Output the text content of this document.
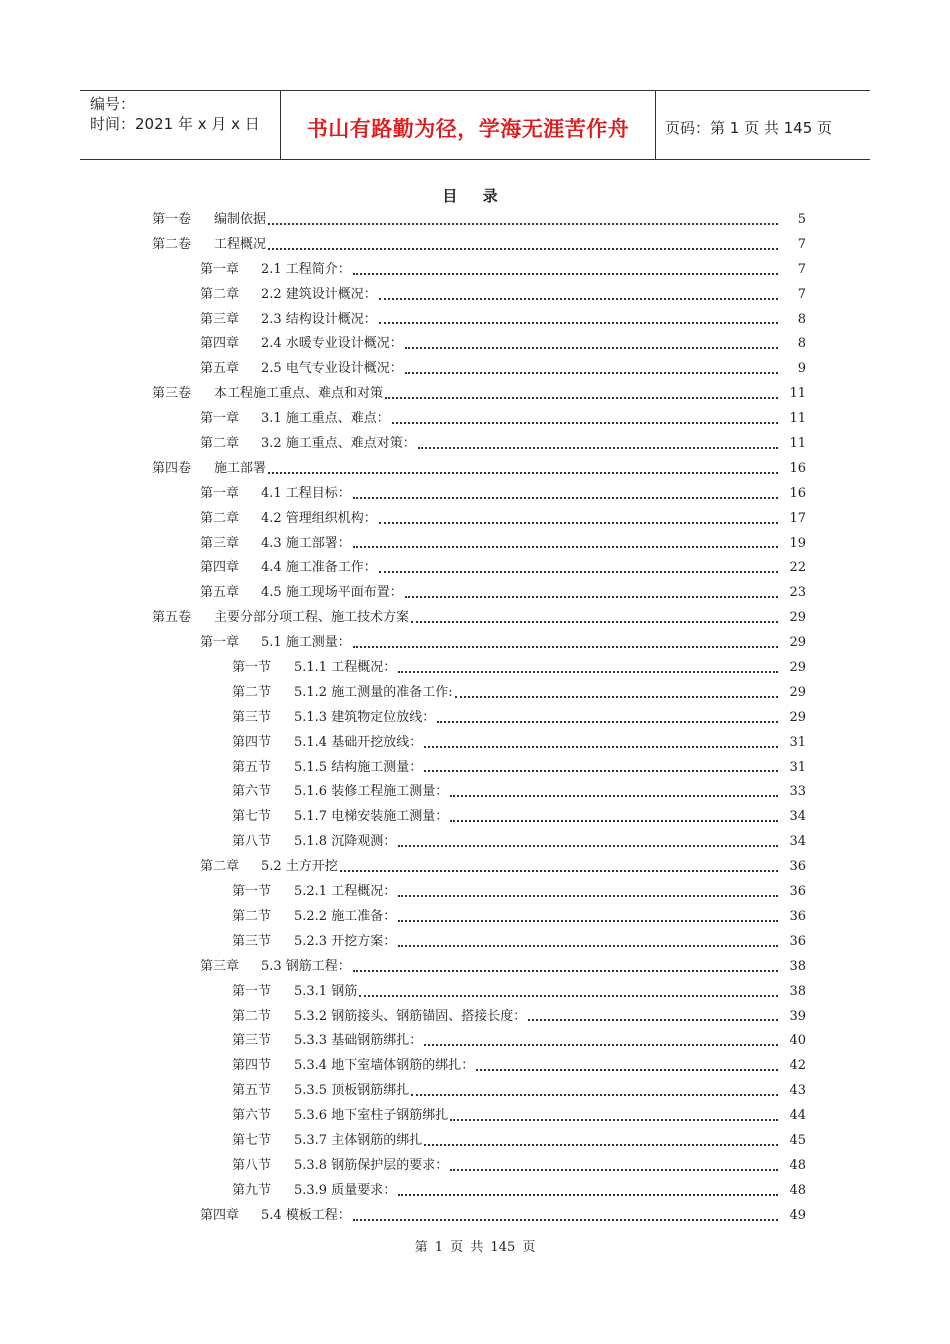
编号：
时间：2021 年 x 月 x 日	书山有路勤为径，学海无涯苦作舟	页码：第 1 页 共 145 页
目 录
第一卷 编制依据	5
第二卷 工程概况	7
第一章 2.1 工程简介：	7
第二章 2.2 建筑设计概况：	7
第三章 2.3 结构设计概况：	8
第四章 2.4 水暖专业设计概况：	8
第五章 2.5 电气专业设计概况：	9
第三卷 本工程施工重点、难点和对策	11
第一章 3.1 施工重点、难点：	11
第二章 3.2 施工重点、难点对策：	11
第四卷 施工部署	16
第一章 4.1 工程目标：	16
第二章 4.2 管理组织机构：	17
第三章 4.3 施工部署：	19
第四章 4.4 施工准备工作：	22
第五章 4.5 施工现场平面布置：	23
第五卷 主要分部分项工程、施工技术方案	29
第一章 5.1 施工测量：	29
第一节 5.1.1 工程概况：	29
第二节 5.1.2 施工测量的准备工作:	29
第三节 5.1.3 建筑物定位放线：	29
第四节 5.1.4 基础开挖放线：	31
第五节 5.1.5 结构施工测量：	31
第六节 5.1.6 装修工程施工测量：	33
第七节 5.1.7 电梯安装施工测量：	34
第八节 5.1.8 沉降观测：	34
第二章 5.2 土方开挖	36
第一节 5.2.1 工程概况：	36
第二节 5.2.2 施工准备：	36
第三节 5.2.3 开挖方案：	36
第三章 5.3 钢筋工程：	38
第一节 5.3.1 钢筋	38
第二节 5.3.2 钢筋接头、钢筋锚固、搭接长度：	39
第三节 5.3.3 基础钢筋绑扎：	40
第四节 5.3.4 地下室墙体钢筋的绑扎：	42
第五节 5.3.5 顶板钢筋绑扎	43
第六节 5.3.6 地下室柱子钢筋绑扎	44
第七节 5.3.7 主体钢筋的绑扎	45
第八节 5.3.8 钢筋保护层的要求：	48
第九节 5.3.9 质量要求：	48
第四章 5.4 模板工程：	49
第 1 页 共 145 页
